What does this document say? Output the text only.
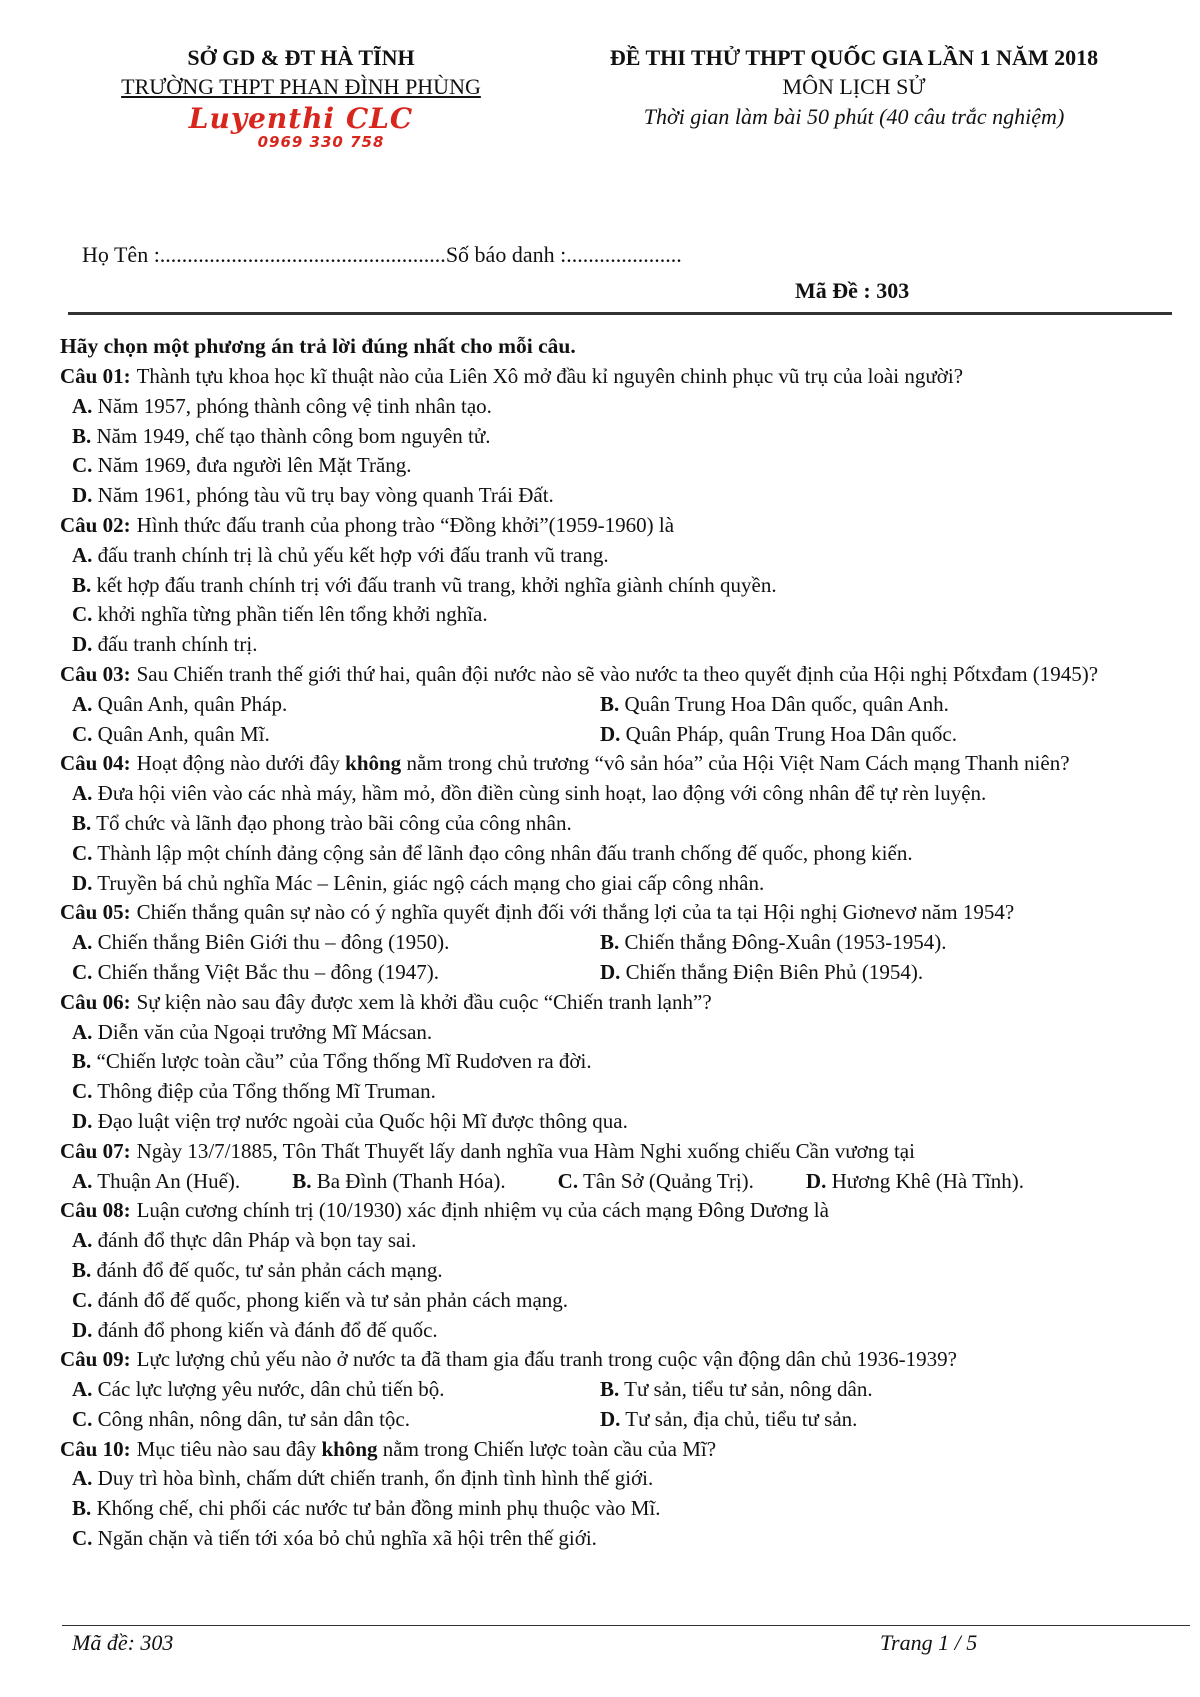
SỞ GD & ĐT HÀ TĨNH
TRƯỜNG THPT PHAN ĐÌNH PHÙNG
Luyenthi CLC
0969 330 758
ĐỀ THI THỬ THPT QUỐC GIA LẦN 1 NĂM 2018
MÔN LỊCH SỬ
Thời gian làm bài 50 phút (40 câu trắc nghiệm)
Họ Tên :....................................................Số báo danh :.....................
Mã Đề : 303
Hãy chọn một phương án trả lời đúng nhất cho mỗi câu.
Câu 01: Thành tựu khoa học kĩ thuật nào của Liên Xô mở đầu kỉ nguyên chinh phục vũ trụ của loài người?
A. Năm 1957, phóng thành công vệ tinh nhân tạo.
B. Năm 1949, chế tạo thành công bom nguyên tử.
C. Năm 1969, đưa người lên Mặt Trăng.
D. Năm 1961, phóng tàu vũ trụ bay vòng quanh Trái Đất.
Câu 02: Hình thức đấu tranh của phong trào “Đồng khởi”(1959-1960) là
A. đấu tranh chính trị là chủ yếu kết hợp với đấu tranh vũ trang.
B. kết hợp đấu tranh chính trị với đấu tranh vũ trang, khởi nghĩa giành chính quyền.
C. khởi nghĩa từng phần tiến lên tổng khởi nghĩa.
D. đấu tranh chính trị.
Câu 03: Sau Chiến tranh thế giới thứ hai, quân đội nước nào sẽ vào nước ta theo quyết định của Hội nghị Pốtxđam (1945)?
A. Quân Anh, quân Pháp.	B. Quân Trung Hoa Dân quốc, quân Anh.
C. Quân Anh, quân Mĩ.	D. Quân Pháp, quân Trung Hoa Dân quốc.
Câu 04: Hoạt động nào dưới đây không nằm trong chủ trương “vô sản hóa” của Hội Việt Nam Cách mạng Thanh niên?
A. Đưa hội viên vào các nhà máy, hầm mỏ, đồn điền cùng sinh hoạt, lao động với công nhân để tự rèn luyện.
B. Tổ chức và lãnh đạo phong trào bãi công của công nhân.
C. Thành lập một chính đảng cộng sản để lãnh đạo công nhân đấu tranh chống đế quốc, phong kiến.
D. Truyền bá chủ nghĩa Mác – Lênin, giác ngộ cách mạng cho giai cấp công nhân.
Câu 05: Chiến thắng quân sự nào có ý nghĩa quyết định đối với thắng lợi của ta tại Hội nghị Giơnevơ năm 1954?
A. Chiến thắng Biên Giới thu – đông (1950).	B. Chiến thắng Đông-Xuân (1953-1954).
C. Chiến thắng Việt Bắc thu – đông (1947).	D. Chiến thắng Điện Biên Phủ (1954).
Câu 06: Sự kiện nào sau đây được xem là khởi đầu cuộc “Chiến tranh lạnh”?
A. Diễn văn của Ngoại trưởng Mĩ Mácsan.
B. “Chiến lược toàn cầu” của Tổng thống Mĩ Rudơven ra đời.
C. Thông điệp của Tổng thống Mĩ Truman.
D. Đạo luật viện trợ nước ngoài của Quốc hội Mĩ được thông qua.
Câu 07: Ngày 13/7/1885, Tôn Thất Thuyết lấy danh nghĩa vua Hàm Nghi xuống chiếu Cần vương tại
A. Thuận An (Huế).	B. Ba Đình (Thanh Hóa).	C. Tân Sở (Quảng Trị).	D. Hương Khê (Hà Tĩnh).
Câu 08: Luận cương chính trị (10/1930) xác định nhiệm vụ của cách mạng Đông Dương là
A. đánh đổ thực dân Pháp và bọn tay sai.
B. đánh đổ đế quốc, tư sản phản cách mạng.
C. đánh đổ đế quốc, phong kiến và tư sản phản cách mạng.
D. đánh đổ phong kiến và đánh đổ đế quốc.
Câu 09: Lực lượng chủ yếu nào ở nước ta đã tham gia đấu tranh trong cuộc vận động dân chủ 1936-1939?
A. Các lực lượng yêu nước, dân chủ tiến bộ.	B. Tư sản, tiểu tư sản, nông dân.
C. Công nhân, nông dân, tư sản dân tộc.	D. Tư sản, địa chủ, tiểu tư sản.
Câu 10: Mục tiêu nào sau đây không nằm trong Chiến lược toàn cầu của Mĩ?
A. Duy trì hòa bình, chấm dứt chiến tranh, ổn định tình hình thế giới.
B. Khống chế, chi phối các nước tư bản đồng minh phụ thuộc vào Mĩ.
C. Ngăn chặn và tiến tới xóa bỏ chủ nghĩa xã hội trên thế giới.
Mã đề: 303	Trang 1 / 5
